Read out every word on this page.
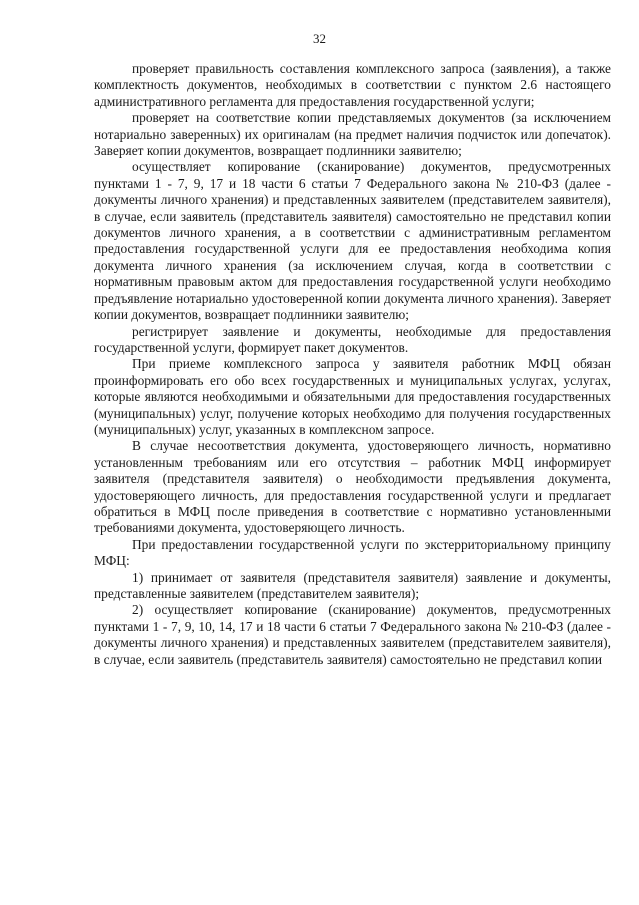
32

проверяет правильность составления комплексного запроса (заявления), а также комплектность документов, необходимых в соответствии с пунктом 2.6 настоящего административного регламента для предоставления государственной услуги;

проверяет на соответствие копии представляемых документов (за исключением нотариально заверенных) их оригиналам (на предмет наличия подчисток или допечаток). Заверяет копии документов, возвращает подлинники заявителю;

осуществляет копирование (сканирование) документов, предусмотренных пунктами 1 - 7, 9, 17 и 18 части 6 статьи 7 Федерального закона № 210-ФЗ (далее - документы личного хранения) и представленных заявителем (представителем заявителя), в случае, если заявитель (представитель заявителя) самостоятельно не представил копии документов личного хранения, а в соответствии с административным регламентом предоставления государственной услуги для ее предоставления необходима копия документа личного хранения (за исключением случая, когда в соответствии с нормативным правовым актом для предоставления государственной услуги необходимо предъявление нотариально удостоверенной копии документа личного хранения). Заверяет копии документов, возвращает подлинники заявителю;

регистрирует заявление и документы, необходимые для предоставления государственной услуги, формирует пакет документов.

При приеме комплексного запроса у заявителя работник МФЦ обязан проинформировать его обо всех государственных и муниципальных услугах, услугах, которые являются необходимыми и обязательными для предоставления государственных (муниципальных) услуг, получение которых необходимо для получения государственных (муниципальных) услуг, указанных в комплексном запросе.

В случае несоответствия документа, удостоверяющего личность, нормативно установленным требованиям или его отсутствия – работник МФЦ информирует заявителя (представителя заявителя) о необходимости предъявления документа, удостоверяющего личность, для предоставления государственной услуги и предлагает обратиться в МФЦ после приведения в соответствие с нормативно установленными требованиями документа, удостоверяющего личность.

При предоставлении государственной услуги по экстерриториальному принципу МФЦ:

1) принимает от заявителя (представителя заявителя) заявление и документы, представленные заявителем (представителем заявителя);

2) осуществляет копирование (сканирование) документов, предусмотренных пунктами 1 - 7, 9, 10, 14, 17 и 18 части 6 статьи 7 Федерального закона № 210-ФЗ (далее - документы личного хранения) и представленных заявителем (представителем заявителя), в случае, если заявитель (представитель заявителя) самостоятельно не представил копии
